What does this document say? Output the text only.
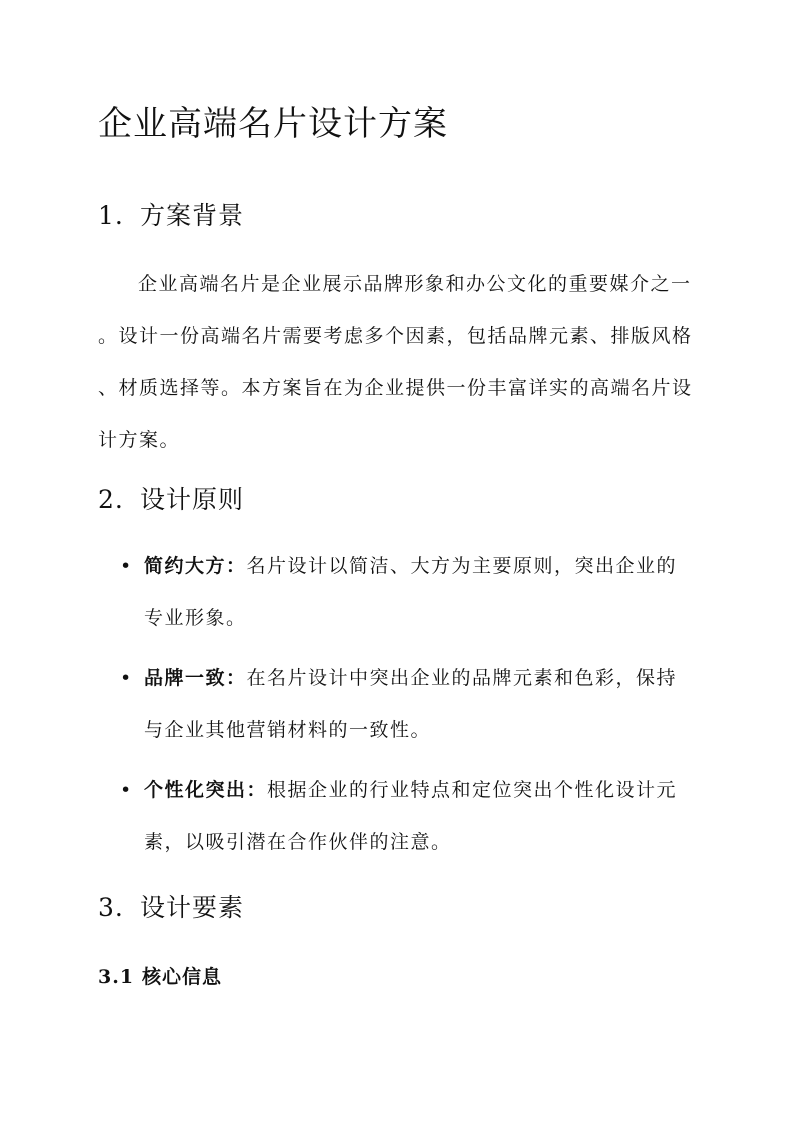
企业高端名片设计方案
1. 方案背景
企业高端名片是企业展示品牌形象和办公文化的重要媒介之一
。设计一份高端名片需要考虑多个因素，包括品牌元素、排版风格
、材质选择等。本方案旨在为企业提供一份丰富详实的高端名片设
计方案。
2. 设计原则
• 简约大方：名片设计以简洁、大方为主要原则，突出企业的
专业形象。
• 品牌一致：在名片设计中突出企业的品牌元素和色彩，保持
与企业其他营销材料的一致性。
• 个性化突出：根据企业的行业特点和定位突出个性化设计元
素，以吸引潜在合作伙伴的注意。
3. 设计要素
3.1 核心信息
